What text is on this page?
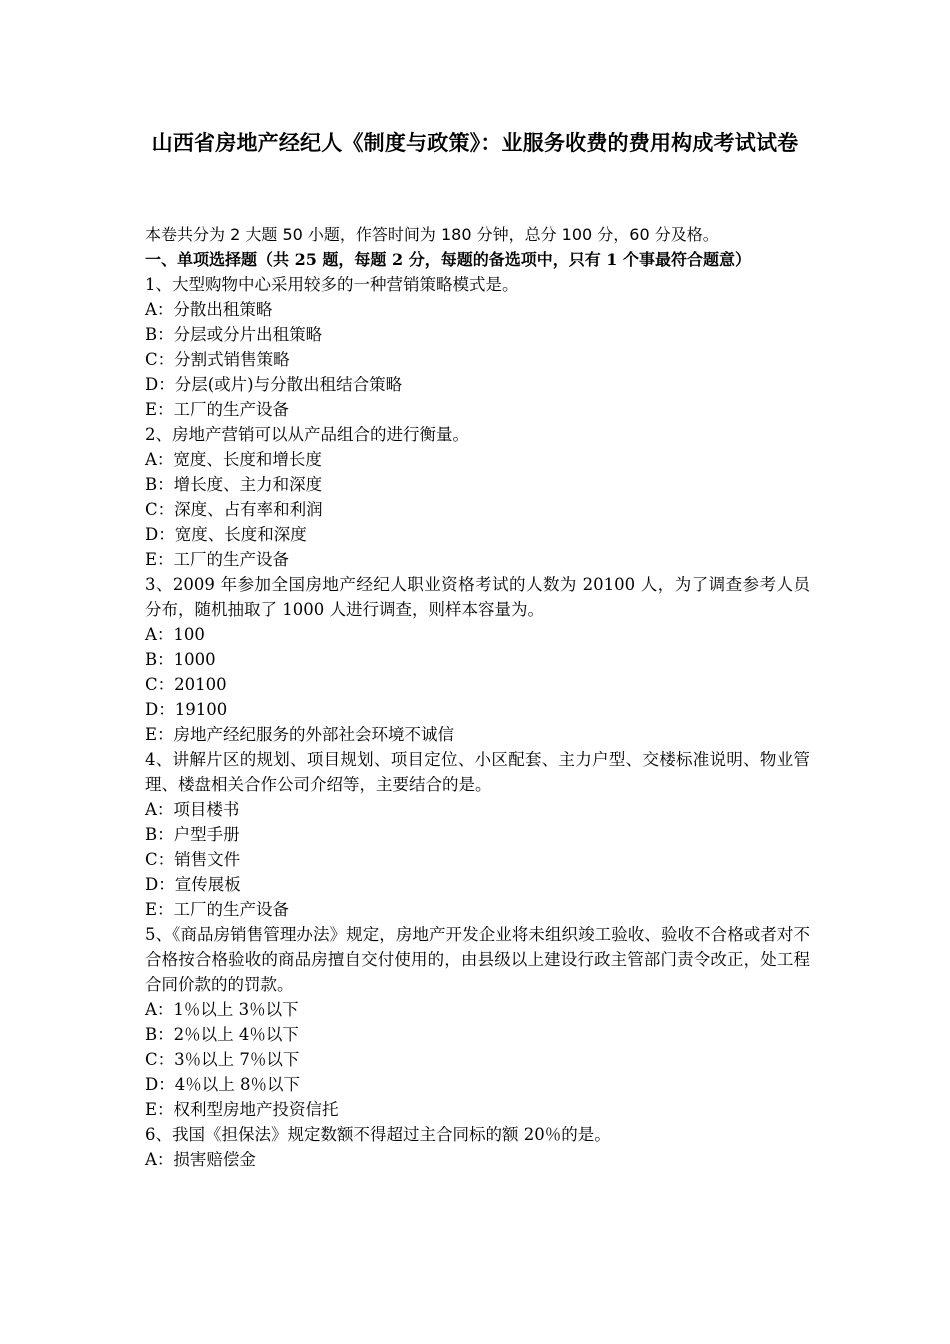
山西省房地产经纪人《制度与政策》：业服务收费的费用构成考试试卷
本卷共分为 2 大题 50 小题，作答时间为 180 分钟，总分 100 分，60 分及格。
一、单项选择题（共 25 题，每题 2 分，每题的备选项中，只有 1 个事最符合题意）
1、大型购物中心采用较多的一种营销策略模式是。
A：分散出租策略
B：分层或分片出租策略
C：分割式销售策略
D：分层(或片)与分散出租结合策略
E：工厂的生产设备
2、房地产营销可以从产品组合的进行衡量。
A：宽度、长度和增长度
B：增长度、主力和深度
C：深度、占有率和利润
D：宽度、长度和深度
E：工厂的生产设备
3、2009 年参加全国房地产经纪人职业资格考试的人数为 20100 人，为了调查参考人员分布，随机抽取了 1000 人进行调查，则样本容量为。
A：100
B：1000
C：20100
D：19100
E：房地产经纪服务的外部社会环境不诚信
4、讲解片区的规划、项目规划、项目定位、小区配套、主力户型、交楼标准说明、物业管理、楼盘相关合作公司介绍等，主要结合的是。
A：项目楼书
B：户型手册
C：销售文件
D：宣传展板
E：工厂的生产设备
5、《商品房销售管理办法》规定，房地产开发企业将未组织竣工验收、验收不合格或者对不合格按合格验收的商品房擅自交付使用的，由县级以上建设行政主管部门责令改正，处工程合同价款的的罚款。
A：1％以上 3％以下
B：2％以上 4％以下
C：3％以上 7％以下
D：4％以上 8％以下
E：权利型房地产投资信托
6、我国《担保法》规定数额不得超过主合同标的额 20％的是。
A：损害赔偿金
